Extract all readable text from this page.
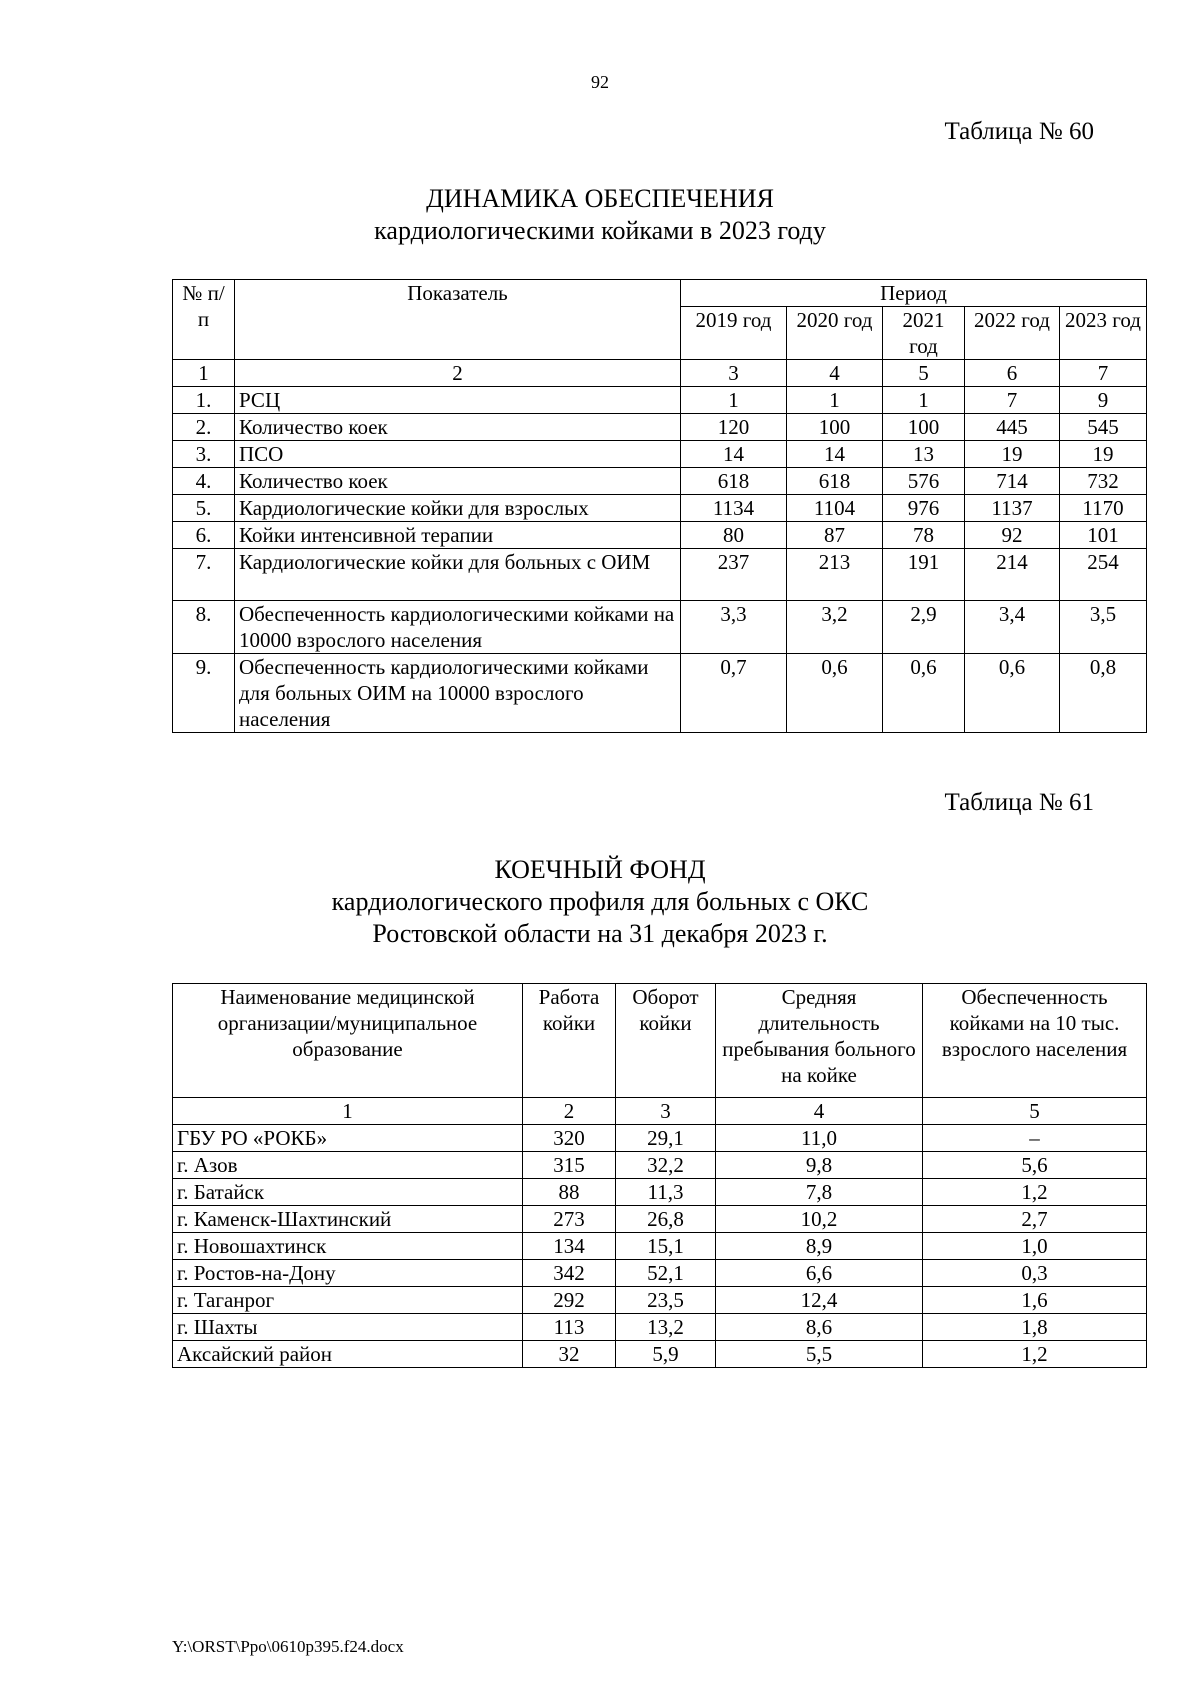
92
Таблица № 60
ДИНАМИКА ОБЕСПЕЧЕНИЯ
кардиологическими койками в 2023 году
№ п/п	Показатель	Период				
		2019 год	2020 год	2021 год	2022 год	2023 год
1	2	3	4	5	6	7
1.	РСЦ	1	1	1	7	9
2.	Количество коек	120	100	100	445	545
3.	ПСО	14	14	13	19	19
4.	Количество коек	618	618	576	714	732
5.	Кардиологические койки для взрослых	1134	1104	976	1137	1170
6.	Койки интенсивной терапии	80	87	78	92	101
7.	Кардиологические койки для больных с ОИМ	237	213	191	214	254
8.	Обеспеченность кардиологическими койками на 10000 взрослого населения	3,3	3,2	2,9	3,4	3,5
9.	Обеспеченность кардиологическими койками для больных ОИМ на 10000 взрослого населения	0,7	0,6	0,6	0,6	0,8
Таблица № 61
КОЕЧНЫЙ ФОНД
кардиологического профиля для больных с ОКС
Ростовской области на 31 декабря 2023 г.
Наименование медицинской организации/муниципальное образование	Работа койки	Оборот койки	Средняя длительность пребывания больного на койке	Обеспеченность койками на 10 тыс. взрослого населения
1	2	3	4	5
ГБУ РО «РОКБ»	320	29,1	11,0	–
г. Азов	315	32,2	9,8	5,6
г. Батайск	88	11,3	7,8	1,2
г. Каменск-Шахтинский	273	26,8	10,2	2,7
г. Новошахтинск	134	15,1	8,9	1,0
г. Ростов-на-Дону	342	52,1	6,6	0,3
г. Таганрог	292	23,5	12,4	1,6
г. Шахты	113	13,2	8,6	1,8
Аксайский район	32	5,9	5,5	1,2
Y:\ORST\Ppo\0610p395.f24.docx
